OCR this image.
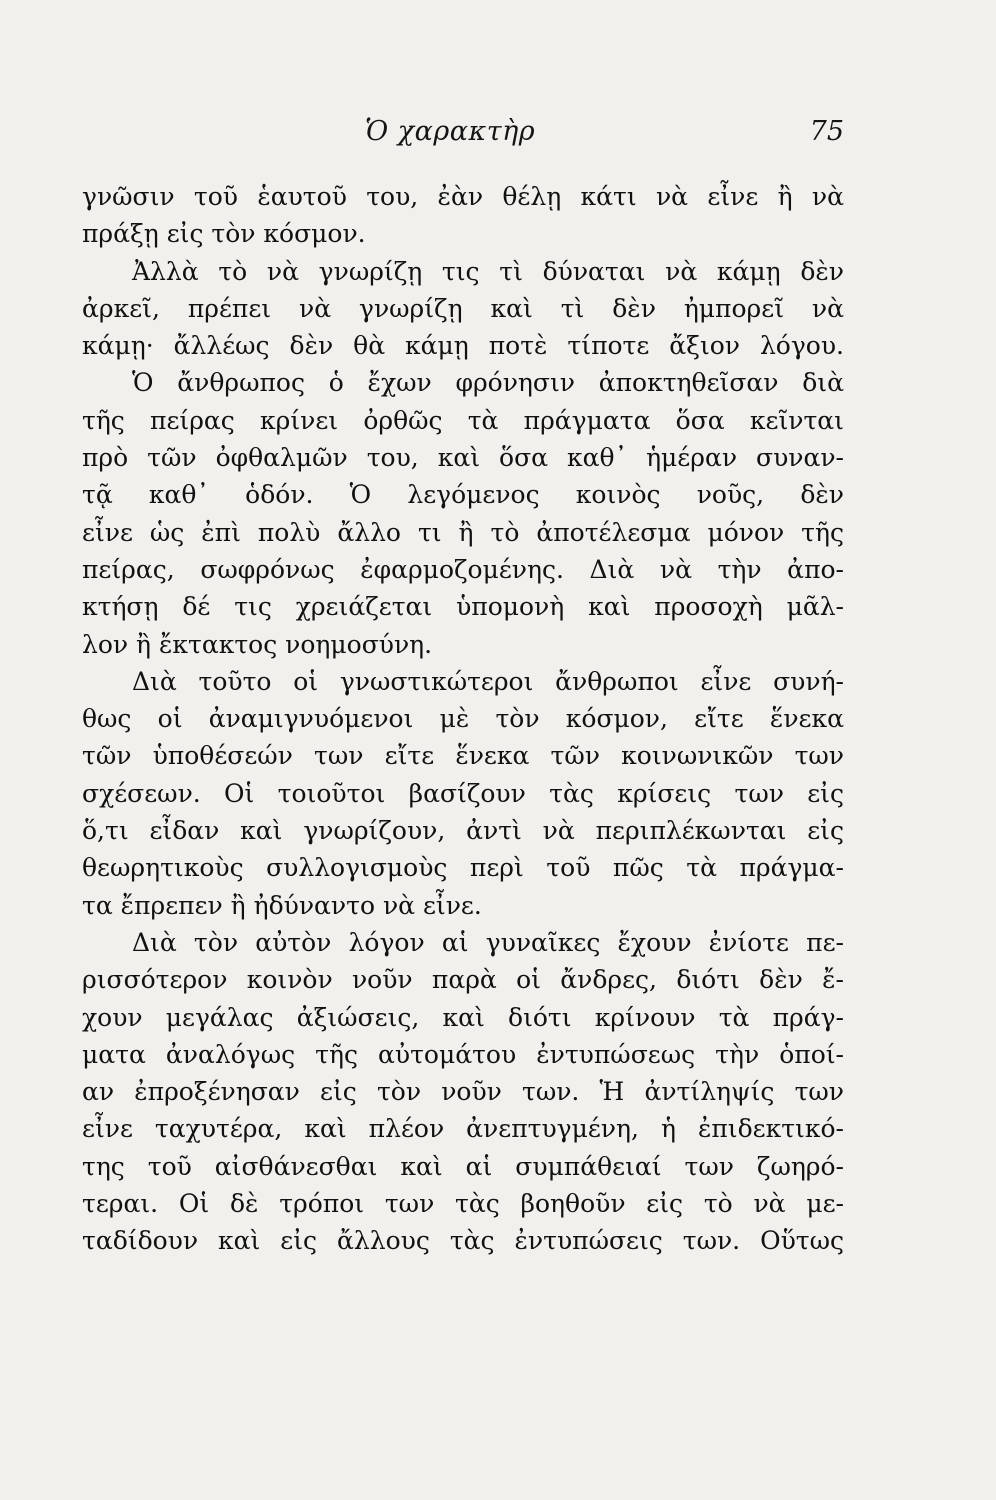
Ὁ χαρακτὴρ	75
γνῶσιν τοῦ ἑαυτοῦ του, ἐὰν θέλῃ κάτι νὰ εἶνε ἢ νὰ
πράξῃ εἰς τὸν κόσμον.
Ἀλλὰ τὸ νὰ γνωρίζῃ τις τὶ δύναται νὰ κάμῃ δὲν
ἀρκεῖ, πρέπει νὰ γνωρίζῃ καὶ τὶ δὲν ἠμπορεῖ νὰ
κάμῃ· ἄλλέως δὲν θὰ κάμῃ ποτὲ τίποτε ἄξιον λόγου.
Ὁ ἄνθρωπος ὁ ἔχων φρόνησιν ἀποκτηθεῖσαν διὰ
τῆς πείρας κρίνει ὀρθῶς τὰ πράγματα ὅσα κεῖνται
πρὸ τῶν ὀφθαλμῶν του, καὶ ὅσα καθ᾽ ἡμέραν συναν-
τᾷ καθ᾽ ὁδόν. Ὁ λεγόμενος κοινὸς νοῦς, δὲν
εἶνε ὡς ἐπὶ πολὺ ἄλλο τι ἢ τὸ ἀποτέλεσμα μόνον τῆς
πείρας, σωφρόνως ἐφαρμοζομένης. Διὰ νὰ τὴν ἀπο-
κτήσῃ δέ τις χρειάζεται ὑπομονὴ καὶ προσοχὴ μᾶλ-
λον ἢ ἔκτακτος νοημοσύνη.
Διὰ τοῦτο οἱ γνωστικώτεροι ἄνθρωποι εἶνε συνή-
θως οἱ ἀναμιγνυόμενοι μὲ τὸν κόσμον, εἴτε ἕνεκα
τῶν ὑποθέσεών των εἴτε ἕνεκα τῶν κοινωνικῶν των
σχέσεων. Οἱ τοιοῦτοι βασίζουν τὰς κρίσεις των εἰς
ὅ,τι εἶδαν καὶ γνωρίζουν, ἀντὶ νὰ περιπλέκωνται εἰς
θεωρητικοὺς συλλογισμοὺς περὶ τοῦ πῶς τὰ πράγμα-
τα ἔπρεπεν ἢ ἠδύναντο νὰ εἶνε.
Διὰ τὸν αὐτὸν λόγον αἱ γυναῖκες ἔχουν ἐνίοτε πε-
ρισσότερον κοινὸν νοῦν παρὰ οἱ ἄνδρες, διότι δὲν ἔ-
χουν μεγάλας ἀξιώσεις, καὶ διότι κρίνουν τὰ πράγ-
ματα ἀναλόγως τῆς αὐτομάτου ἐντυπώσεως τὴν ὁποί-
αν ἐπροξένησαν εἰς τὸν νοῦν των. Ἡ ἀντίληψίς των
εἶνε ταχυτέρα, καὶ πλέον ἀνεπτυγμένη, ἡ ἐπιδεκτικό-
της τοῦ αἰσθάνεσθαι καὶ αἱ συμπάθειαί των ζωηρό-
τεραι. Οἱ δὲ τρόποι των τὰς βοηθοῦν εἰς τὸ νὰ με-
ταδίδουν καὶ εἰς ἄλλους τὰς ἐντυπώσεις των. Οὕτως
